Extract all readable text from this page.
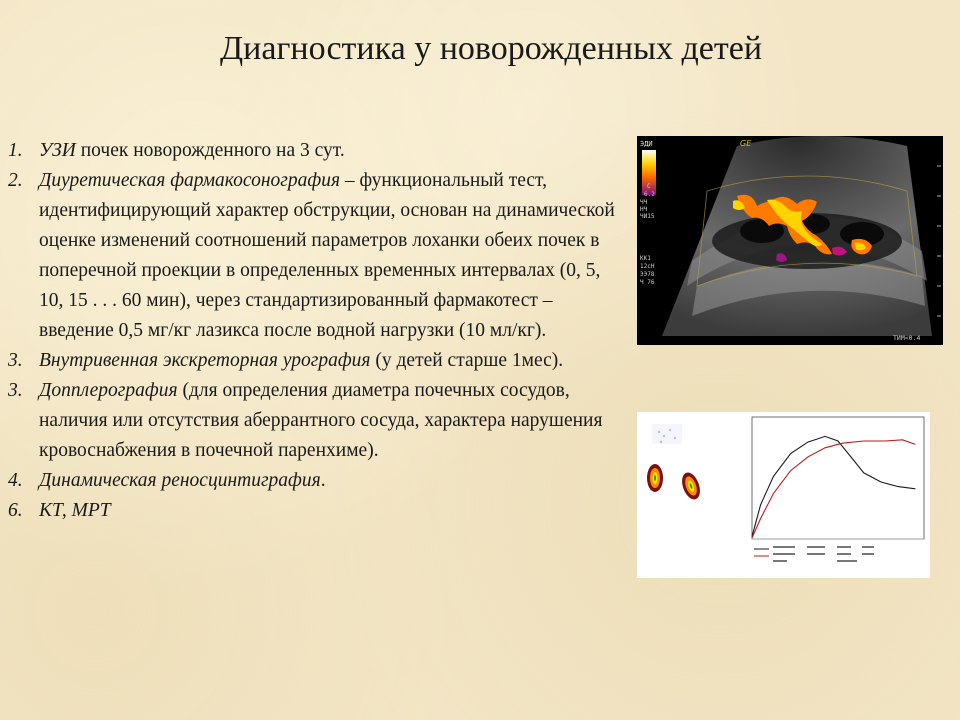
Диагностика у новорожденных детей
1. УЗИ почек новорожденного на 3 сут.
2. Диуретическая фармакосонография – функциональный тест, идентифицирующий характер обструкции, основан на динамической оценке изменений соотношений параметров лоханки обеих почек в поперечной проекции в определенных временных интервалах (0, 5, 10, 15 . . . 60 мин), через стандартизированный фармакотест – введение 0,5 мг/кг лазикса после водной нагрузки (10 мл/кг).
3. Внутривенная экскреторная урография (у детей старше 1мес).
3. Допплерография (для определения диаметра почечных сосудов, наличия или отсутствия аберрантного сосуда, характера нарушения кровоснабжения в почечной паренхиме).
4. Динамическая реносцинтиграфия.
6. КТ, МРТ
ЭДИ
С
6.2
ЧЧ
НЧ
ЧИ15
КК1
12сН
ЭЭ78
Ч 76
GE
ТИМ<0.4
